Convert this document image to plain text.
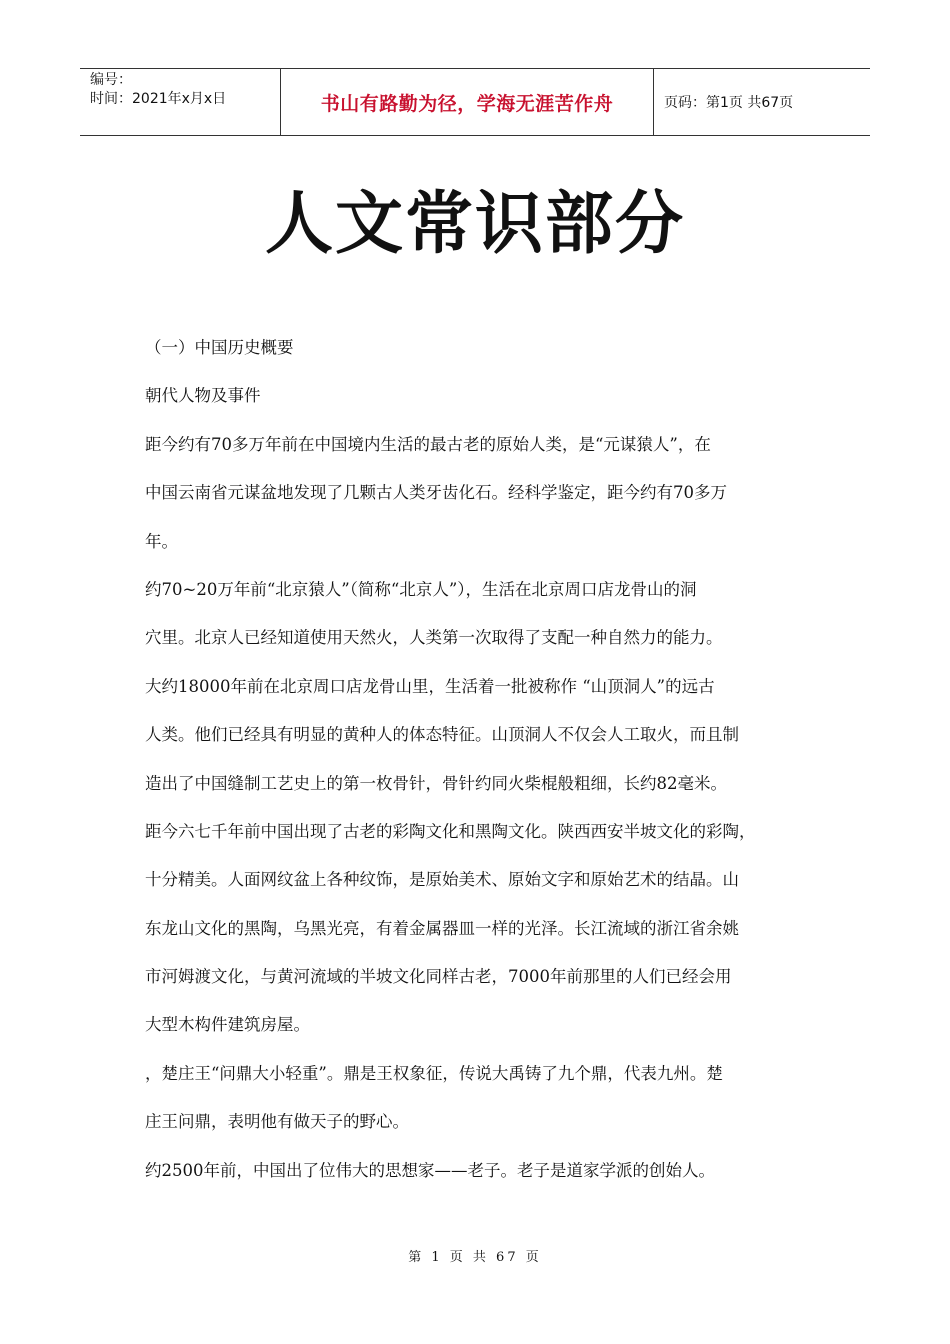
编号：
时间：2021年x月x日	书山有路勤为径，学海无涯苦作舟	页码：第1页 共67页
人文常识部分
（一）中国历史概要
朝代人物及事件
距今约有70多万年前在中国境内生活的最古老的原始人类，是“元谋猿人”，在
中国云南省元谋盆地发现了几颗古人类牙齿化石。经科学鉴定，距今约有70多万
年。
约70~20万年前“北京猿人”（简称“北京人”），生活在北京周口店龙骨山的洞
穴里。北京人已经知道使用天然火，人类第一次取得了支配一种自然力的能力。
大约18000年前在北京周口店龙骨山里，生活着一批被称作 “山顶洞人”的远古
人类。他们已经具有明显的黄种人的体态特征。山顶洞人不仅会人工取火，而且制
造出了中国缝制工艺史上的第一枚骨针，骨针约同火柴棍般粗细，长约82毫米。
距今六七千年前中国出现了古老的彩陶文化和黑陶文化。陕西西安半坡文化的彩陶，
十分精美。人面网纹盆上各种纹饰，是原始美术、原始文字和原始艺术的结晶。山
东龙山文化的黑陶，乌黑光亮，有着金属器皿一样的光泽。长江流域的浙江省余姚
市河姆渡文化，与黄河流域的半坡文化同样古老，7000年前那里的人们已经会用
大型木构件建筑房屋。
，楚庄王“问鼎大小轻重”。鼎是王权象征，传说大禹铸了九个鼎，代表九州。楚
庄王问鼎，表明他有做天子的野心。
约2500年前，中国出了位伟大的思想家——老子。老子是道家学派的创始人。
第 1 页 共 67 页
